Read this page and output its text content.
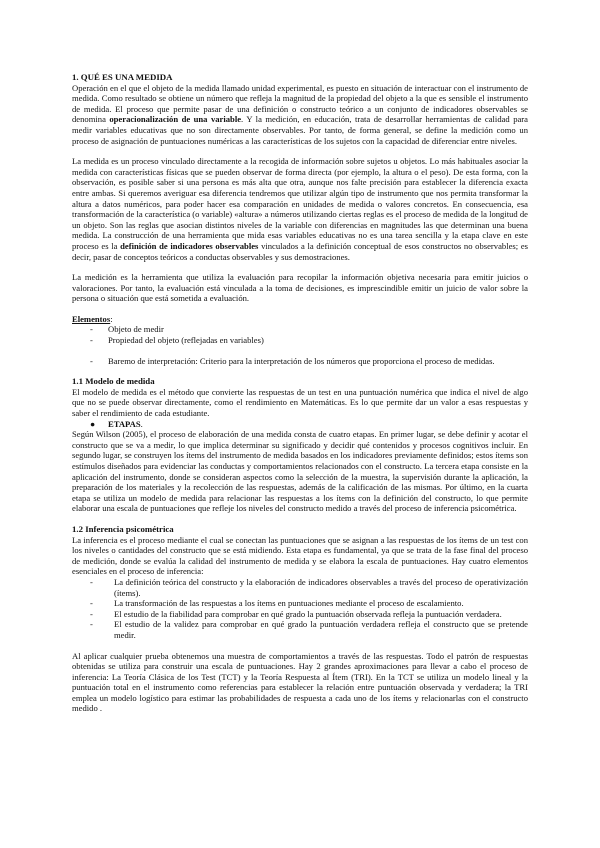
1. QUÉ ES UNA MEDIDA

Operación en el que el objeto de la medida llamado unidad experimental, es puesto en situación de interactuar con el instrumento de medida. Como resultado se obtiene un número que refleja la magnitud de la propiedad del objeto a la que es sensible el instrumento de medida. El proceso que permite pasar de una definición o constructo teórico a un conjunto de indicadores observables se denomina operacionalización de una variable. Y la medición, en educación, trata de desarrollar herramientas de calidad para medir variables educativas que no son directamente observables. Por tanto, de forma general, se define la medición como un proceso de asignación de puntuaciones numéricas a las características de los sujetos con la capacidad de diferenciar entre niveles.

La medida es un proceso vinculado directamente a la recogida de información sobre sujetos u objetos. Lo más habituales asociar la medida con características físicas que se pueden observar de forma directa (por ejemplo, la altura o el peso). De esta forma, con la observación, es posible saber si una persona es más alta que otra, aunque nos falte precisión para establecer la diferencia exacta entre ambas. Si queremos averiguar esa diferencia tendremos que utilizar algún tipo de instrumento que nos permita transformar la altura a datos numéricos, para poder hacer esa comparación en unidades de medida o valores concretos. En consecuencia, esa transformación de la característica (o variable) «altura» a números utilizando ciertas reglas es el proceso de medida de la longitud de un objeto. Son las reglas que asocian distintos niveles de la variable con diferencias en magnitudes las que determinan una buena medida. La construcción de una herramienta que mida esas variables educativas no es una tarea sencilla y la etapa clave en este proceso es la definición de indicadores observables vinculados a la definición conceptual de esos constructos no observables; es decir, pasar de conceptos teóricos a conductas observables y sus demostraciones.

La medición es la herramienta que utiliza la evaluación para recopilar la información objetiva necesaria para emitir juicios o valoraciones. Por tanto, la evaluación está vinculada a la toma de decisiones, es imprescindible emitir un juicio de valor sobre la persona o situación que está sometida a evaluación.

Elementos:

- Objeto de medir
- Propiedad del objeto (reflejadas en variables)
- Baremo de interpretación: Criterio para la interpretación de los números que proporciona el proceso de medidas.
1.1 Modelo de medida

El modelo de medida es el método que convierte las respuestas de un test en una puntuación numérica que indica el nivel de algo que no se puede observar directamente, como el rendimiento en Matemáticas. Es lo que permite dar un valor a esas respuestas y saber el rendimiento de cada estudiante.

● ETAPAS.

Según Wilson (2005), el proceso de elaboración de una medida consta de cuatro etapas. En primer lugar, se debe definir y acotar el constructo que se va a medir, lo que implica determinar su significado y decidir qué contenidos y procesos cognitivos incluir. En segundo lugar, se construyen los ítems del instrumento de medida basados en los indicadores previamente definidos; estos ítems son estímulos diseñados para evidenciar las conductas y comportamientos relacionados con el constructo. La tercera etapa consiste en la aplicación del instrumento, donde se consideran aspectos como la selección de la muestra, la supervisión durante la aplicación, la preparación de los materiales y la recolección de las respuestas, además de la calificación de las mismas. Por último, en la cuarta etapa se utiliza un modelo de medida para relacionar las respuestas a los ítems con la definición del constructo, lo que permite elaborar una escala de puntuaciones que refleje los niveles del constructo medido a través del proceso de inferencia psicométrica.

1.2 Inferencia psicométrica

La inferencia es el proceso mediante el cual se conectan las puntuaciones que se asignan a las respuestas de los ítems de un test con los niveles o cantidades del constructo que se está midiendo. Esta etapa es fundamental, ya que se trata de la fase final del proceso de medición, donde se evalúa la calidad del instrumento de medida y se elabora la escala de puntuaciones. Hay cuatro elementos esenciales en el proceso de inferencia:

- La definición teórica del constructo y la elaboración de indicadores observables a través del proceso de operativización (ítems).
- La transformación de las respuestas a los ítems en puntuaciones mediante el proceso de escalamiento.
- El estudio de la fiabilidad para comprobar en qué grado la puntuación observada refleja la puntuación verdadera.
- El estudio de la validez para comprobar en qué grado la puntuación verdadera refleja el constructo que se pretende medir.

Al aplicar cualquier prueba obtenemos una muestra de comportamientos a través de las respuestas. Todo el patrón de respuestas obtenidas se utiliza para construir una escala de puntuaciones. Hay 2 grandes aproximaciones para llevar a cabo el proceso de inferencia: La Teoría Clásica de los Test (TCT) y la Teoría Respuesta al Ítem (TRI). En la TCT se utiliza un modelo lineal y la puntuación total en el instrumento como referencias para establecer la relación entre puntuación observada y verdadera; la TRI emplea un modelo logístico para estimar las probabilidades de respuesta a cada uno de los ítems y relacionarlas con el constructo medido .
